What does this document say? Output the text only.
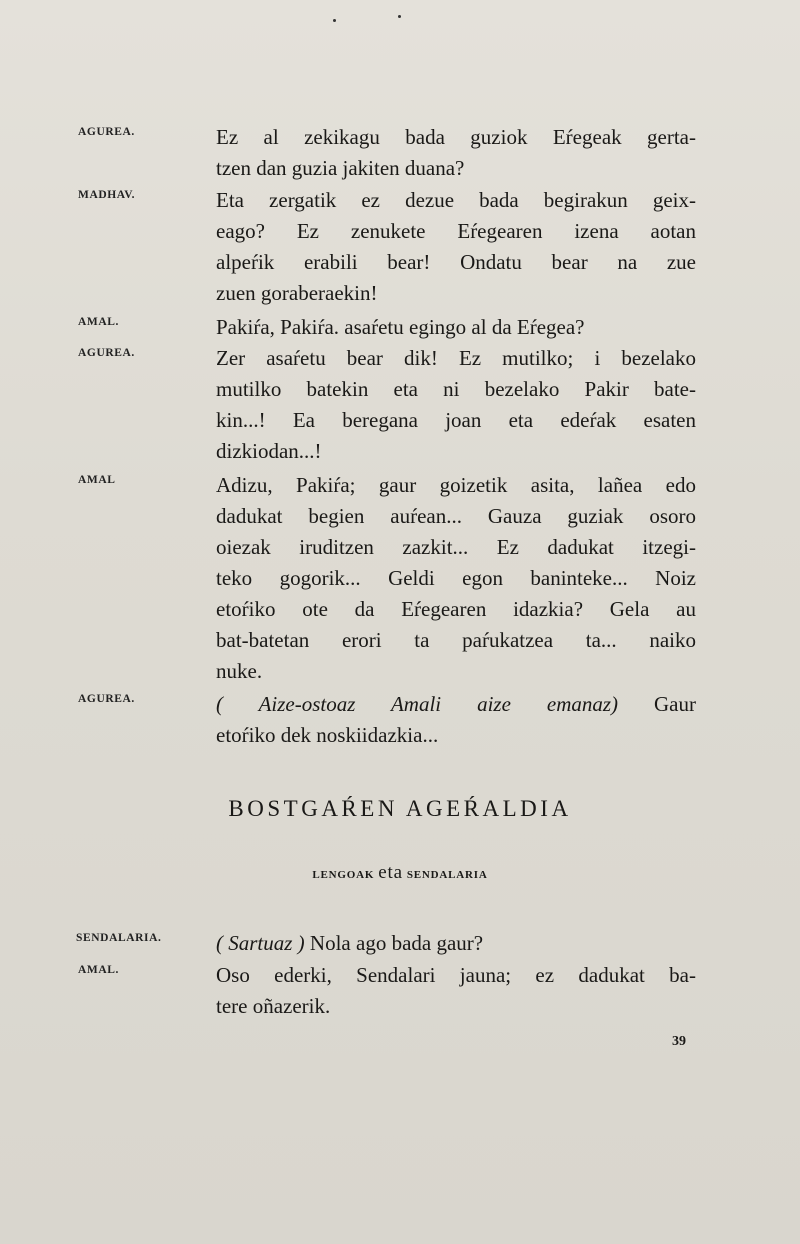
AGUREA.	Ez al zekikagu bada guziok Eŕegeak gerta-
tzen dan guzia jakiten duana?
MADHAV.	Eta zergatik ez dezue bada begirakun geix-
eago? Ez zenukete Eŕegearen izena aotan
alpeŕik erabili bear! Ondatu bear na zue
zuen goraberaekin!
AMAL.	Pakiŕa, Pakiŕa. asaŕetu egingo al da Eŕegea?
AGUREA.	Zer asaŕetu bear dik! Ez mutilko; i bezelako
mutilko batekin eta ni bezelako Pakir bate-
kin...! Ea beregana joan eta edeŕak esaten
dizkiodan...!
AMAL	Adizu, Pakiŕa; gaur goizetik asita, lañea edo
dadukat begien auŕean... Gauza guziak osoro
oiezak iruditzen zazkit... Ez dadukat itzegi-
teko gogorik... Geldi egon baninteke... Noiz
etoŕiko ote da Eŕegearen idazkia? Gela au
bat-batetan erori ta paŕukatzea ta... naiko
nuke.
AGUREA.	( Aize-ostoaz Amali aize emanaz) Gaur
etoŕiko dek noskiidazkia...
BOSTGAŔEN AGEŔALDIA
LENGOAK eta SENDALARIA
SENDALARIA.	( Sartuaz ) Nola ago bada gaur?
AMAL.	Oso ederki, Sendalari jauna; ez dadukat ba-
tere oñazerik.
39
